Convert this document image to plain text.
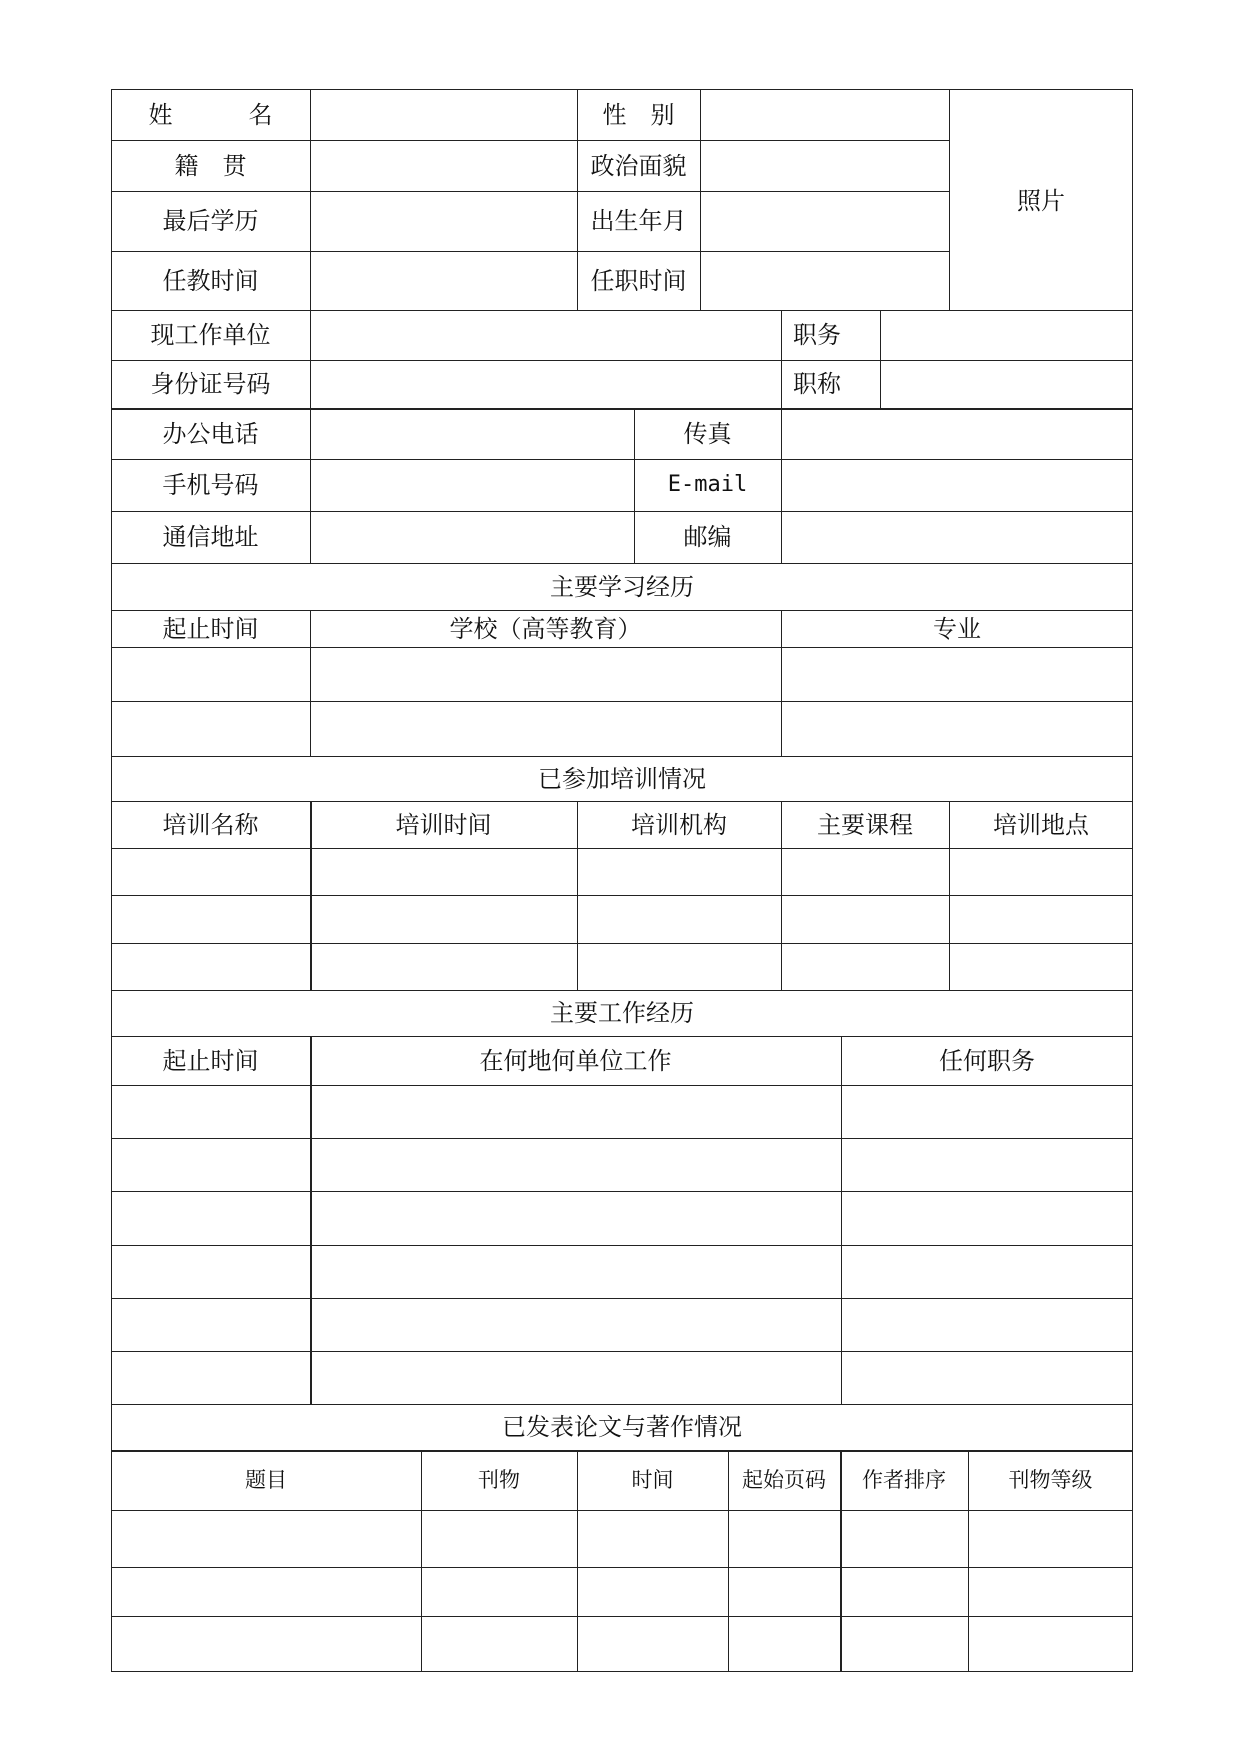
姓　名	性　别
照片
籍　贯	政治面貌
最后学历	出生年月
任教时间	任职时间
现工作单位	职务
身份证号码	职称
办公电话	传真
手机号码	E-mail
通信地址	邮编
主要学习经历
起止时间	学校（高等教育）	专业
已参加培训情况
培训名称	培训时间	培训机构	主要课程	培训地点
主要工作经历
起止时间	在何地何单位工作	任何职务
已发表论文与著作情况
题目	刊物	时间	起始页码	作者排序	刊物等级
